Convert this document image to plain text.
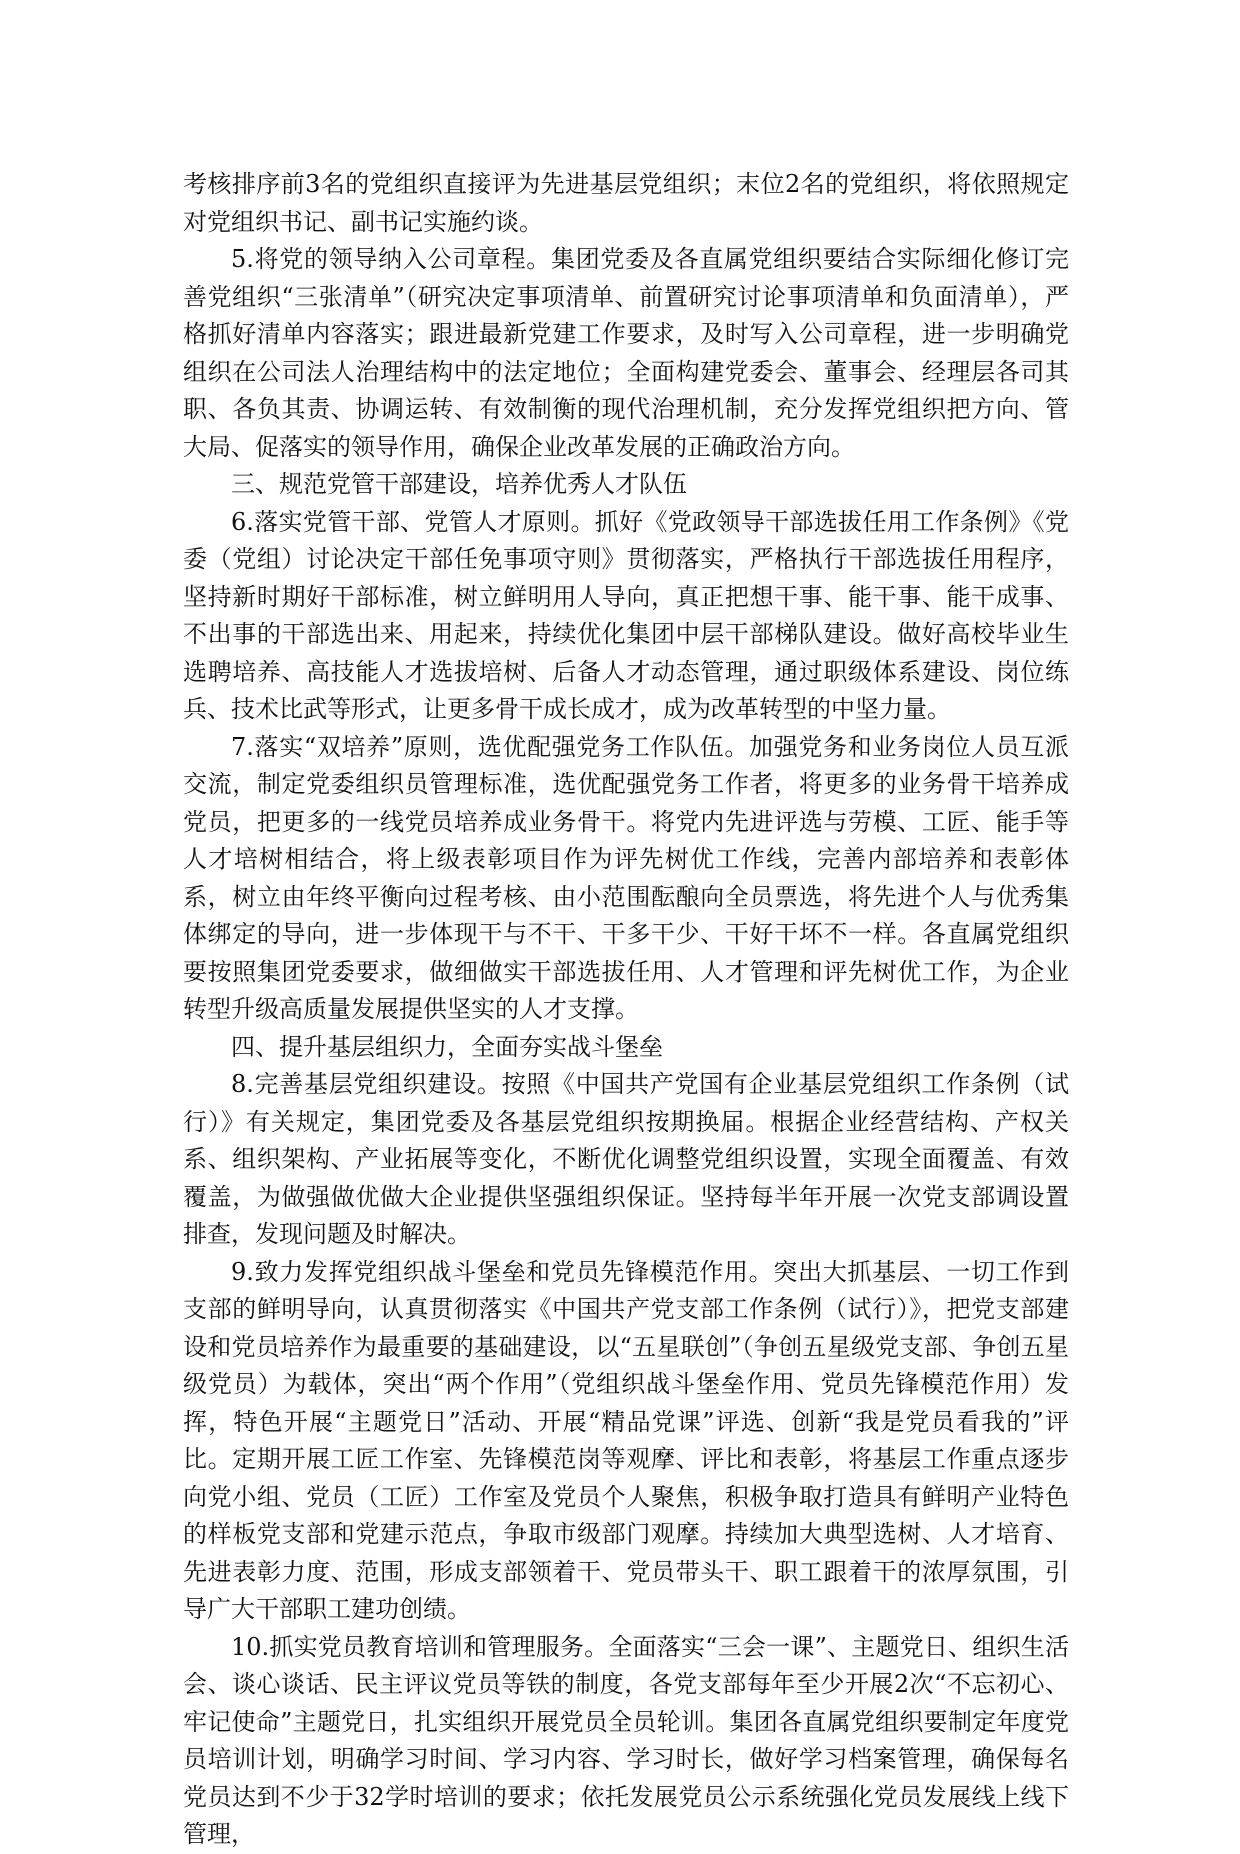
考核排序前3名的党组织直接评为先进基层党组织；末位2名的党组织，将依照规定对党组织书记、副书记实施约谈。

5.将党的领导纳入公司章程。集团党委及各直属党组织要结合实际细化修订完善党组织“三张清单”（研究决定事项清单、前置研究讨论事项清单和负面清单），严格抓好清单内容落实；跟进最新党建工作要求，及时写入公司章程，进一步明确党组织在公司法人治理结构中的法定地位；全面构建党委会、董事会、经理层各司其职、各负其责、协调运转、有效制衡的现代治理机制，充分发挥党组织把方向、管大局、促落实的领导作用，确保企业改革发展的正确政治方向。

三、规范党管干部建设，培养优秀人才队伍

6.落实党管干部、党管人才原则。抓好《党政领导干部选拔任用工作条例》《党委（党组）讨论决定干部任免事项守则》贯彻落实，严格执行干部选拔任用程序，坚持新时期好干部标准，树立鲜明用人导向，真正把想干事、能干事、能干成事、不出事的干部选出来、用起来，持续优化集团中层干部梯队建设。做好高校毕业生选聘培养、高技能人才选拔培树、后备人才动态管理，通过职级体系建设、岗位练兵、技术比武等形式，让更多骨干成长成才，成为改革转型的中坚力量。

7.落实“双培养”原则，选优配强党务工作队伍。加强党务和业务岗位人员互派交流，制定党委组织员管理标准，选优配强党务工作者，将更多的业务骨干培养成党员，把更多的一线党员培养成业务骨干。将党内先进评选与劳模、工匠、能手等人才培树相结合，将上级表彰项目作为评先树优工作线，完善内部培养和表彰体系，树立由年终平衡向过程考核、由小范围酝酿向全员票选，将先进个人与优秀集体绑定的导向，进一步体现干与不干、干多干少、干好干坏不一样。各直属党组织要按照集团党委要求，做细做实干部选拔任用、人才管理和评先树优工作，为企业转型升级高质量发展提供坚实的人才支撑。

四、提升基层组织力，全面夯实战斗堡垒

8.完善基层党组织建设。按照《中国共产党国有企业基层党组织工作条例（试行）》有关规定，集团党委及各基层党组织按期换届。根据企业经营结构、产权关系、组织架构、产业拓展等变化，不断优化调整党组织设置，实现全面覆盖、有效覆盖，为做强做优做大企业提供坚强组织保证。坚持每半年开展一次党支部调设置排查，发现问题及时解决。

9.致力发挥党组织战斗堡垒和党员先锋模范作用。突出大抓基层、一切工作到支部的鲜明导向，认真贯彻落实《中国共产党支部工作条例（试行）》，把党支部建设和党员培养作为最重要的基础建设，以“五星联创”（争创五星级党支部、争创五星级党员）为载体，突出“两个作用”（党组织战斗堡垒作用、党员先锋模范作用）发挥，特色开展“主题党日”活动、开展“精品党课”评选、创新“我是党员看我的”评比。定期开展工匠工作室、先锋模范岗等观摩、评比和表彰，将基层工作重点逐步向党小组、党员（工匠）工作室及党员个人聚焦，积极争取打造具有鲜明产业特色的样板党支部和党建示范点，争取市级部门观摩。持续加大典型选树、人才培育、先进表彰力度、范围，形成支部领着干、党员带头干、职工跟着干的浓厚氛围，引导广大干部职工建功创绩。

10.抓实党员教育培训和管理服务。全面落实“三会一课”、主题党日、组织生活会、谈心谈话、民主评议党员等铁的制度，各党支部每年至少开展2次“不忘初心、牢记使命”主题党日，扎实组织开展党员全员轮训。集团各直属党组织要制定年度党员培训计划，明确学习时间、学习内容、学习时长，做好学习档案管理，确保每名党员达到不少于32学时培训的要求；依托发展党员公示系统强化党员发展线上线下管理，
